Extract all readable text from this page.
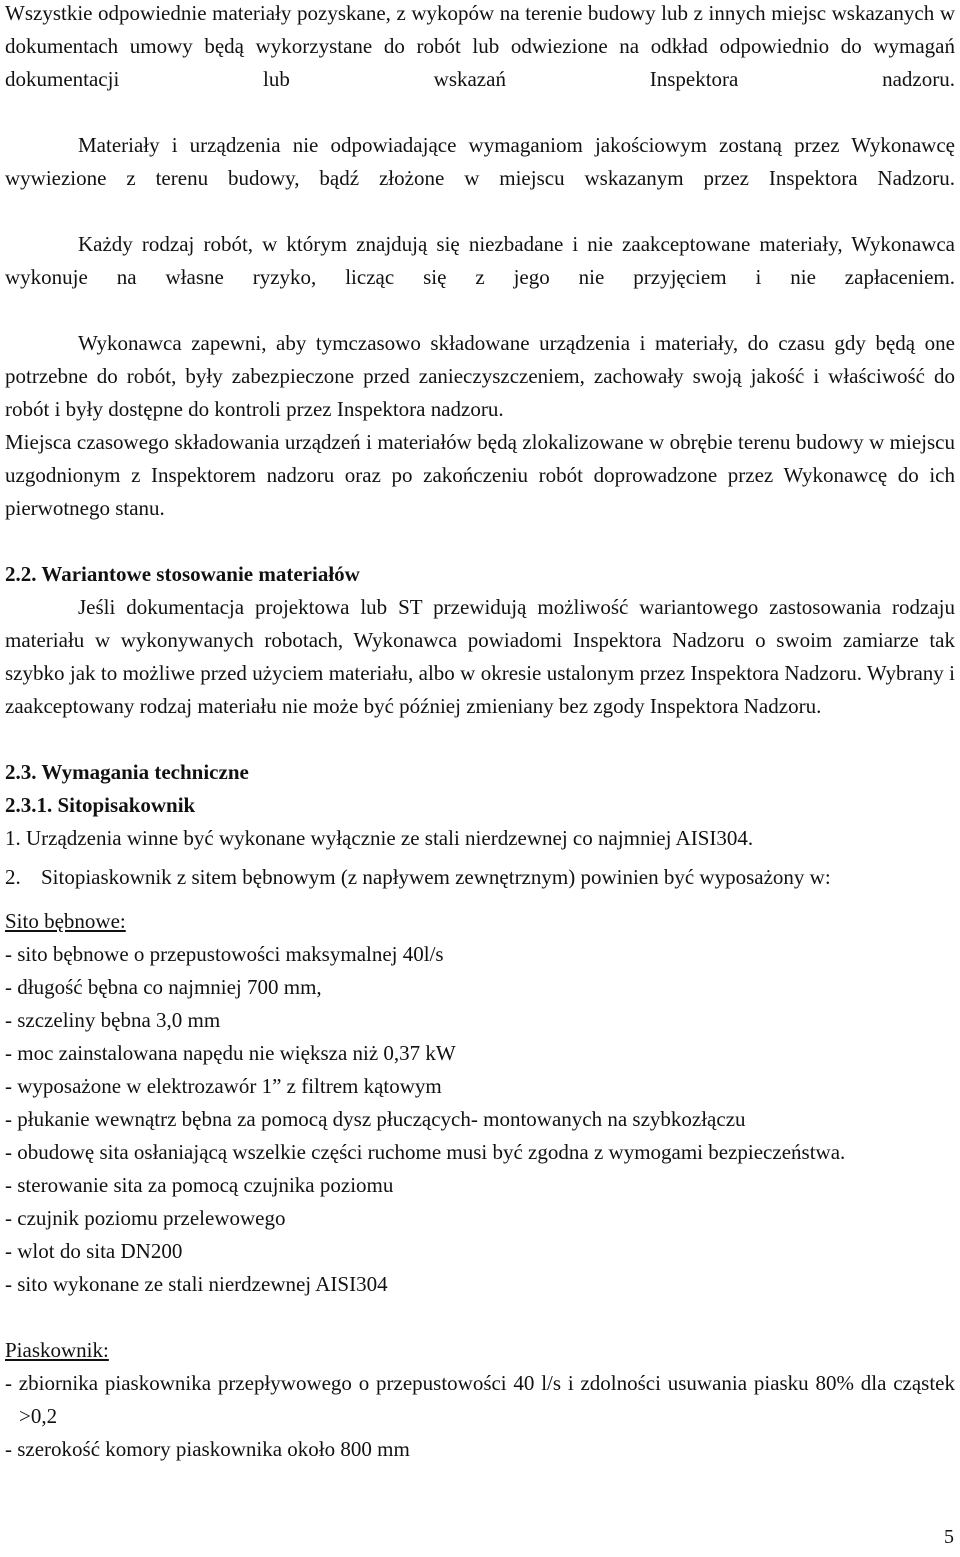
Wszystkie odpowiednie materiały pozyskane, z wykopów na terenie budowy lub z innych miejsc wskazanych w dokumentach umowy będą wykorzystane do robót lub odwiezione na odkład odpowiednio do wymagań dokumentacji lub wskazań Inspektora nadzoru.

Materiały i urządzenia nie odpowiadające wymaganiom jakościowym zostaną przez Wykonawcę wywiezione z terenu budowy, bądź złożone w miejscu wskazanym przez Inspektora Nadzoru.

Każdy rodzaj robót, w którym znajdują się niezbadane i nie zaakceptowane materiały, Wykonawca wykonuje na własne ryzyko, licząc się z jego nie przyjęciem i nie zapłaceniem.

Wykonawca zapewni, aby tymczasowo składowane urządzenia i materiały, do czasu gdy będą one potrzebne do robót, były zabezpieczone przed zanieczyszczeniem, zachowały swoją jakość i właściwość do robót i były dostępne do kontroli przez Inspektora nadzoru.

Miejsca czasowego składowania urządzeń i materiałów będą zlokalizowane w obrębie terenu budowy w miejscu uzgodnionym z Inspektorem nadzoru oraz po zakończeniu robót doprowadzone przez Wykonawcę do ich pierwotnego stanu.

2.2. Wariantowe stosowanie materiałów

Jeśli dokumentacja projektowa lub ST przewidują możliwość wariantowego zastosowania rodzaju materiału w wykonywanych robotach, Wykonawca powiadomi Inspektora Nadzoru o swoim zamiarze tak szybko jak to możliwe przed użyciem materiału, albo w okresie ustalonym przez Inspektora Nadzoru. Wybrany i zaakceptowany rodzaj materiału nie może być później zmieniany bez zgody Inspektora Nadzoru.

2.3. Wymagania techniczne
2.3.1. Sitopisakownik

1. Urządzenia winne być wykonane wyłącznie ze stali nierdzewnej co najmniej AISI304.

2. Sitopiaskownik z sitem bębnowym (z napływem zewnętrznym) powinien być wyposażony w:

Sito bębnowe:

- sito bębnowe o przepustowości maksymalnej 40l/s

- długość bębna co najmniej 700 mm,

- szczeliny bębna 3,0 mm

- moc zainstalowana napędu nie większa niż 0,37 kW

- wyposażone w elektrozawór 1” z filtrem kątowym

- płukanie wewnątrz bębna za pomocą dysz płuczących- montowanych na szybkozłączu

- obudowę sita osłaniającą wszelkie części ruchome musi być zgodna z wymogami bezpieczeństwa.

- sterowanie sita za pomocą czujnika poziomu

- czujnik poziomu przelewowego

- wlot do sita DN200

- sito wykonane ze stali nierdzewnej AISI304

Piaskownik:

- zbiornika piaskownika przepływowego o przepustowości 40 l/s i zdolności usuwania piasku 80% dla cząstek >0,2

- szerokość komory piaskownika około 800 mm

5
